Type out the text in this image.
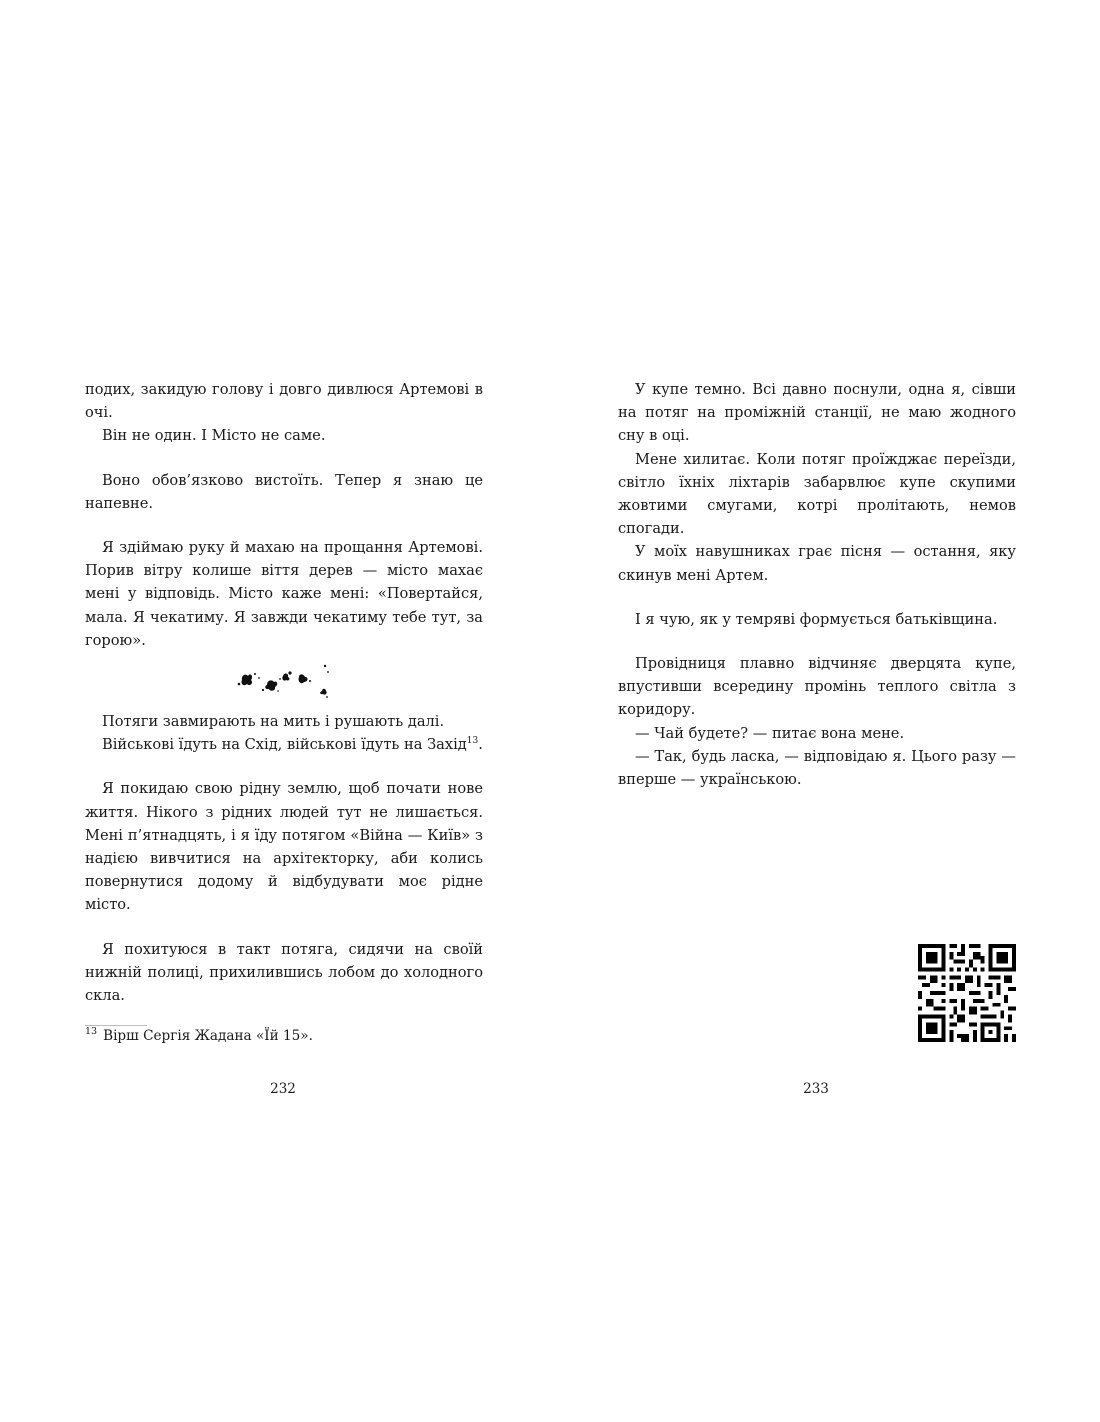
подих, закидую голову і довго дивлюся Артемові в очі.

Він не один. І Місто не саме.

Воно обов’язково вистоїть. Тепер я знаю це напевне.

Я здіймаю руку й махаю на прощання Артемові. Порив вітру колише віття дерев — місто махає мені у відповідь. Місто каже мені: «Повертайся, мала. Я чекатиму. Я завжди чекатиму тебе тут, за горою».

Потяги завмирають на мить і рушають далі.

Військові їдуть на Схід, військові їдуть на Захід$^{13}$.

Я покидаю свою рідну землю, щоб почати нове життя. Нікого з рідних людей тут не лишається. Мені п’ятнадцять, і я їду потягом «Війна — Київ» з надією вивчитися на архітекторку, аби колись повернутися додому й відбудувати моє рідне місто.

Я похитуюся в такт потяга, сидячи на своїй нижній полиці, прихилившись лобом до холодного скла.

$^{13}$ Вірш Сергія Жадана «Їй 15».
232

У купе темно. Всі давно поснули, одна я, сівши на потяг на проміжній станції, не маю жодного сну в оці.

Мене хилитає. Коли потяг проїжджає переїзди, світло їхніх ліхтарів забарвлює купе скупими жовтими смугами, котрі пролітають, немов спогади.

У моїх навушниках грає пісня — остання, яку скинув мені Артем.

І я чую, як у темряві формується батьківщина.

Провідниця плавно відчиняє дверцята купе, впустивши всередину промінь теплого світла з коридору.

— Чай будете? — питає вона мене.

— Так, будь ласка, — відповідаю я. Цього разу — вперше — українською.

233
